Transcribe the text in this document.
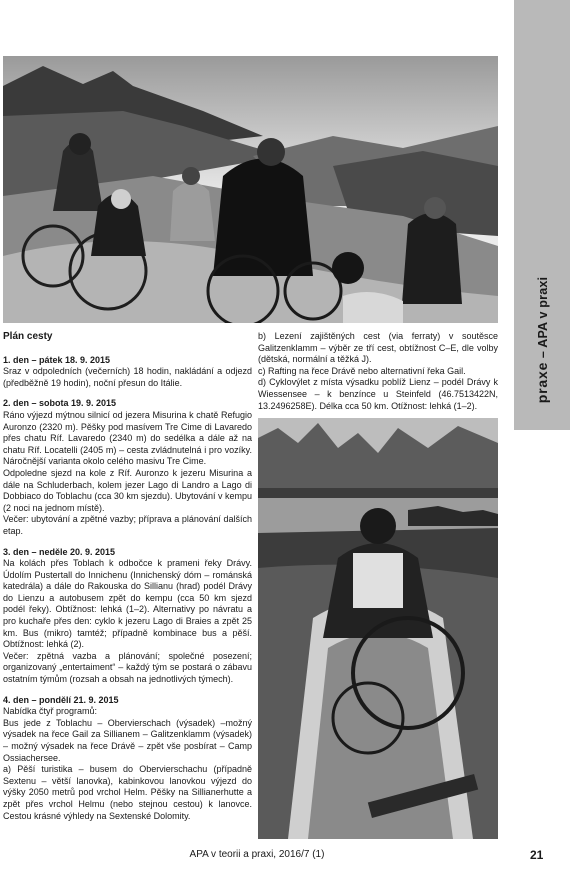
praxe – APA v praxi

Plán cesty

1. den – pátek 18. 9. 2015

Sraz v odpoledních (večerních) 18 hodin, nakládání a odjezd (předběžně 19 hodin), noční přesun do Itálie.

2. den – sobota 19. 9. 2015

Ráno výjezd mýtnou silnicí od jezera Misurina k chatě Refugio Auronzo (2320 m). Pěšky pod masívem Tre Cime di Lavaredo přes chatu Ríf. Lavaredo (2340 m) do sedélka a dále až na chatu Ríf. Locatelli (2405 m) – cesta zvládnutelná i pro vozíky. Náročnější varianta okolo celého masivu Tre Cime.

Odpoledne sjezd na kole z Ríf. Auronzo k jezeru Misurina a dále na Schluderbach, kolem jezer Lago di Landro a Lago di Dobbiaco do Toblachu (cca 30 km sjezdu). Ubytování v kempu (2 noci na jednom místě).

Večer: ubytování a zpětné vazby; příprava a plánování dalších etap.

3. den – neděle 20. 9. 2015

Na kolách přes Toblach k odbočce k prameni řeky Drávy. Údolím Pustertall do Innichenu (Innichenský dóm – románská katedrála) a dále do Rakouska do Sillianu (hrad) podél Drávy do Lienzu a autobusem zpět do kempu (cca 50 km sjezd podél řeky). Obtížnost: lehká (1–2). Alternativy po návratu a pro kuchaře přes den: cyklo k jezeru Lago di Braies a zpět 25 km. Bus (mikro) tamtéž; případně kombinace bus a pěší. Obtížnost: lehká (2).

Večer: zpětná vazba a plánování; společné posezení; organizovaný „entertaiment“ – každý tým se postará o zábavu ostatním týmům (rozsah a obsah na jednotlivých týmech).

4. den – pondělí 21. 9. 2015

Nabídka čtyř programů:

Bus jede z Toblachu – Obervierschach (výsadek) –možný výsadek na řece Gail za Sillianem – Galitzenklamm (výsadek) – možný výsadek na řece Drávě – zpět vše posbírat – Camp Ossiachersee.

a) Pěší turistika – busem do Obervierschachu (případně Sextenu – větší lanovka), kabinkovou lanovkou výjezd do výšky 2050 metrů pod vrchol Helm. Pěšky na Sillianerhutte a zpět přes vrchol Helmu (nebo stejnou cestou) k lanovce. Cestou krásné výhledy na Sextenské Dolomity.

b) Lezení zajištěných cest (via ferraty) v soutěsce Galitzenklamm – výběr ze tří cest, obtížnost C–E, dle volby (dětská, normální a těžká J).

c) Rafting na řece Drávě nebo alternativní řeka Gail.

d) Cyklovýlet z místa výsadku poblíž Lienz – podél Drávy k Wiessensee – k benzínce u Steinfeld (46.7513422N, 13.2496258E). Délka cca 50 km. Otížnost: lehká (1–2).

APA v teorii a praxi, 2016/7 (1)	21
